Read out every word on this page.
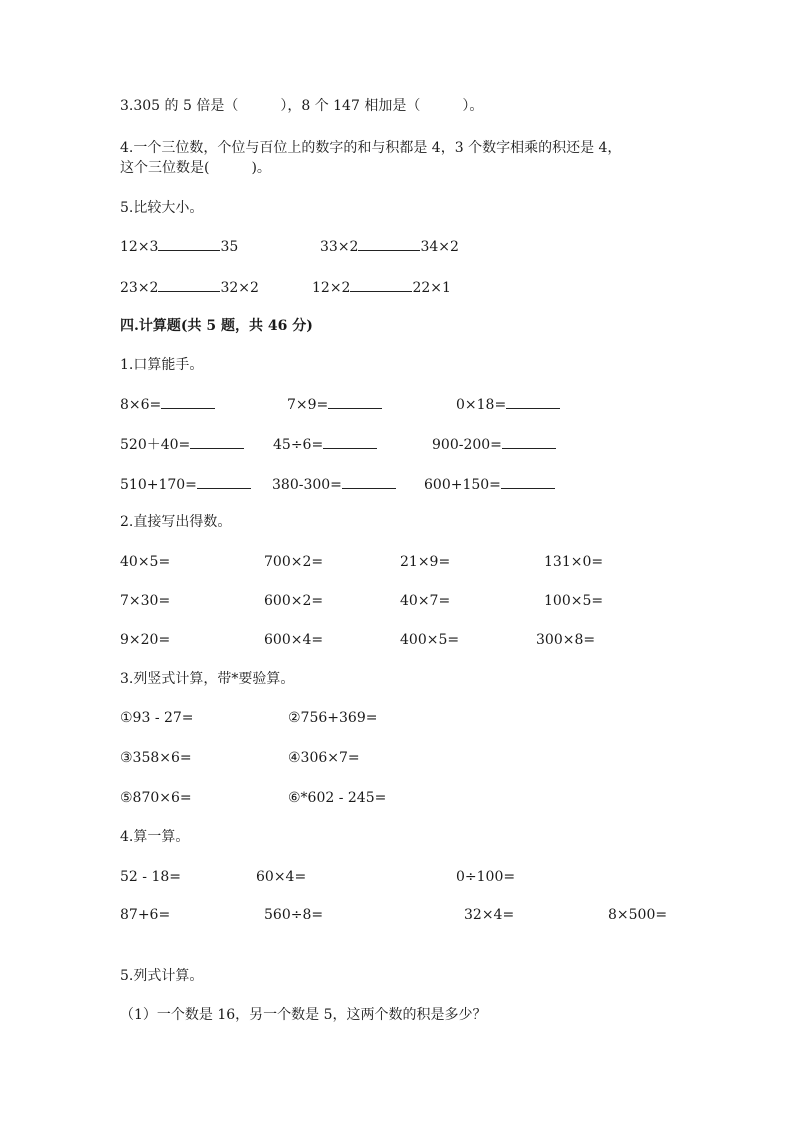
3.305 的 5 倍是（　　　），8 个 147 相加是（　　　）。
4.一个三位数，个位与百位上的数字的和与积都是 4，3 个数字相乘的积还是 4，
这个三位数是(　　　)。
5.比较大小。
12×3	35	33×2	34×2
23×2	32×2	12×2	22×1
四.计算题(共 5 题，共 46 分)
1.口算能手。
8×6=	7×9=	0×18=
520＋40=	45÷6=	900-200=
510+170=	380-300=	600+150=
2.直接写出得数。
40×5=	700×2=	21×9=	131×0=
7×30=	600×2=	40×7=	100×5=
9×20=	600×4=	400×5=	300×8=
3.列竖式计算，带*要验算。
①93 - 27=	②756+369=
③358×6=	④306×7=
⑤870×6=	⑥*602 - 245=
4.算一算。
52 - 18=	60×4=	0÷100=
87+6=	560÷8=	32×4=	8×500=
5.列式计算。
（1）一个数是 16，另一个数是 5，这两个数的积是多少？
